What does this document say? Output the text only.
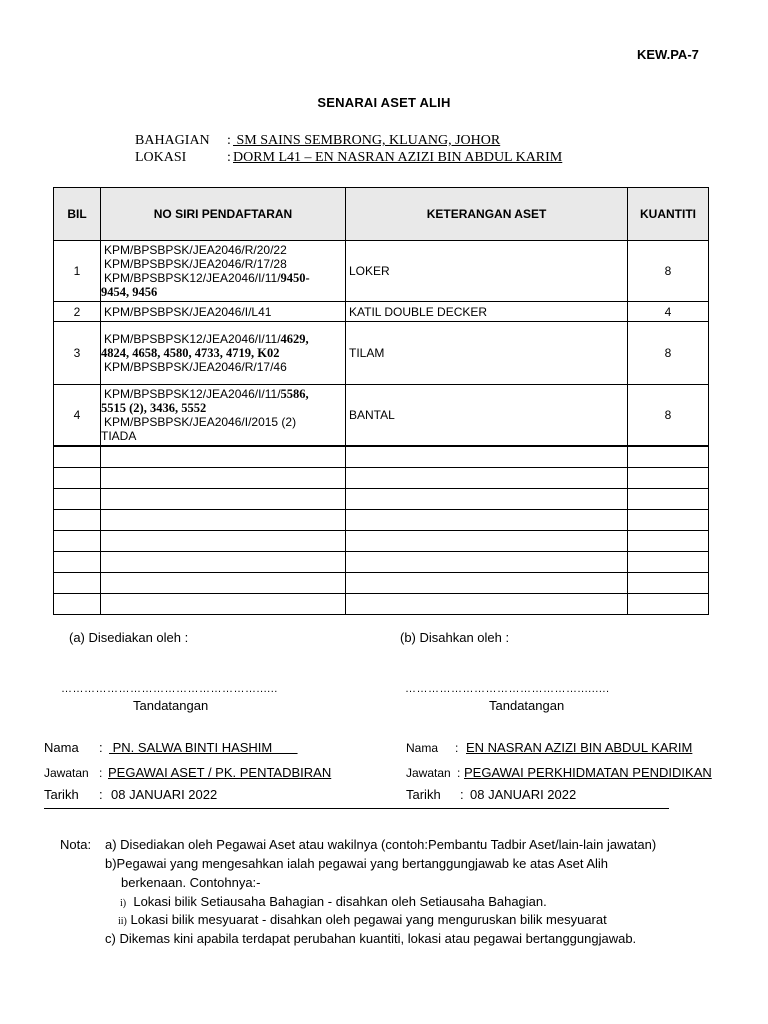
KEW.PA-7
SENARAI ASET ALIH
BAHAGIAN : SM SAINS SEMBRONG, KLUANG, JOHOR
LOKASI	: DORM L41 – EN NASRAN AZIZI BIN ABDUL KARIM
BIL	NO SIRI PENDAFTARAN	KETERANGAN ASET	KUANTITI
1	KPM/BPSBPSK/JEA2046/R/20/22
KPM/BPSBPSK/JEA2046/R/17/28
KPM/BPSBPSK12/JEA2046/I/11/9450-
9454, 9456	LOKER	8
2	KPM/BPSBPSK/JEA2046/I/L41	KATIL DOUBLE DECKER	4
3	KPM/BPSBPSK12/JEA2046/I/11/4629,
4824, 4658, 4580, 4733, 4719, K02
KPM/BPSBPSK/JEA2046/R/17/46	TILAM	8
4	KPM/BPSBPSK12/JEA2046/I/11/5586,
5515 (2), 3436, 5552
KPM/BPSBPSK/JEA2046/I/2015 (2)
TIADA	BANTAL	8

(a) Disediakan oleh :
……………………………………………......
Tandatangan
Nama : PN. SALWA BINTI HASHIM
Jawatan : PEGAWAI ASET / PK. PENTADBIRAN
Tarikh : 08 JANUARI 2022
(b) Disahkan oleh :
……………………………………….........
Tandatangan
Nama : EN NASRAN AZIZI BIN ABDUL KARIM
Jawatan : PEGAWAI PERKHIDMATAN PENDIDIKAN
Tarikh : 08 JANUARI 2022
Nota: a) Disediakan oleh Pegawai Aset atau wakilnya (contoh:Pembantu Tadbir Aset/lain-lain jawatan)
b)Pegawai yang mengesahkan ialah pegawai yang bertanggungjawab ke atas Aset Alih
berkenaan. Contohnya:-
i) Lokasi bilik Setiausaha Bahagian - disahkan oleh Setiausaha Bahagian.
ii) Lokasi bilik mesyuarat - disahkan oleh pegawai yang menguruskan bilik mesyuarat
c) Dikemas kini apabila terdapat perubahan kuantiti, lokasi atau pegawai bertanggungjawab.
